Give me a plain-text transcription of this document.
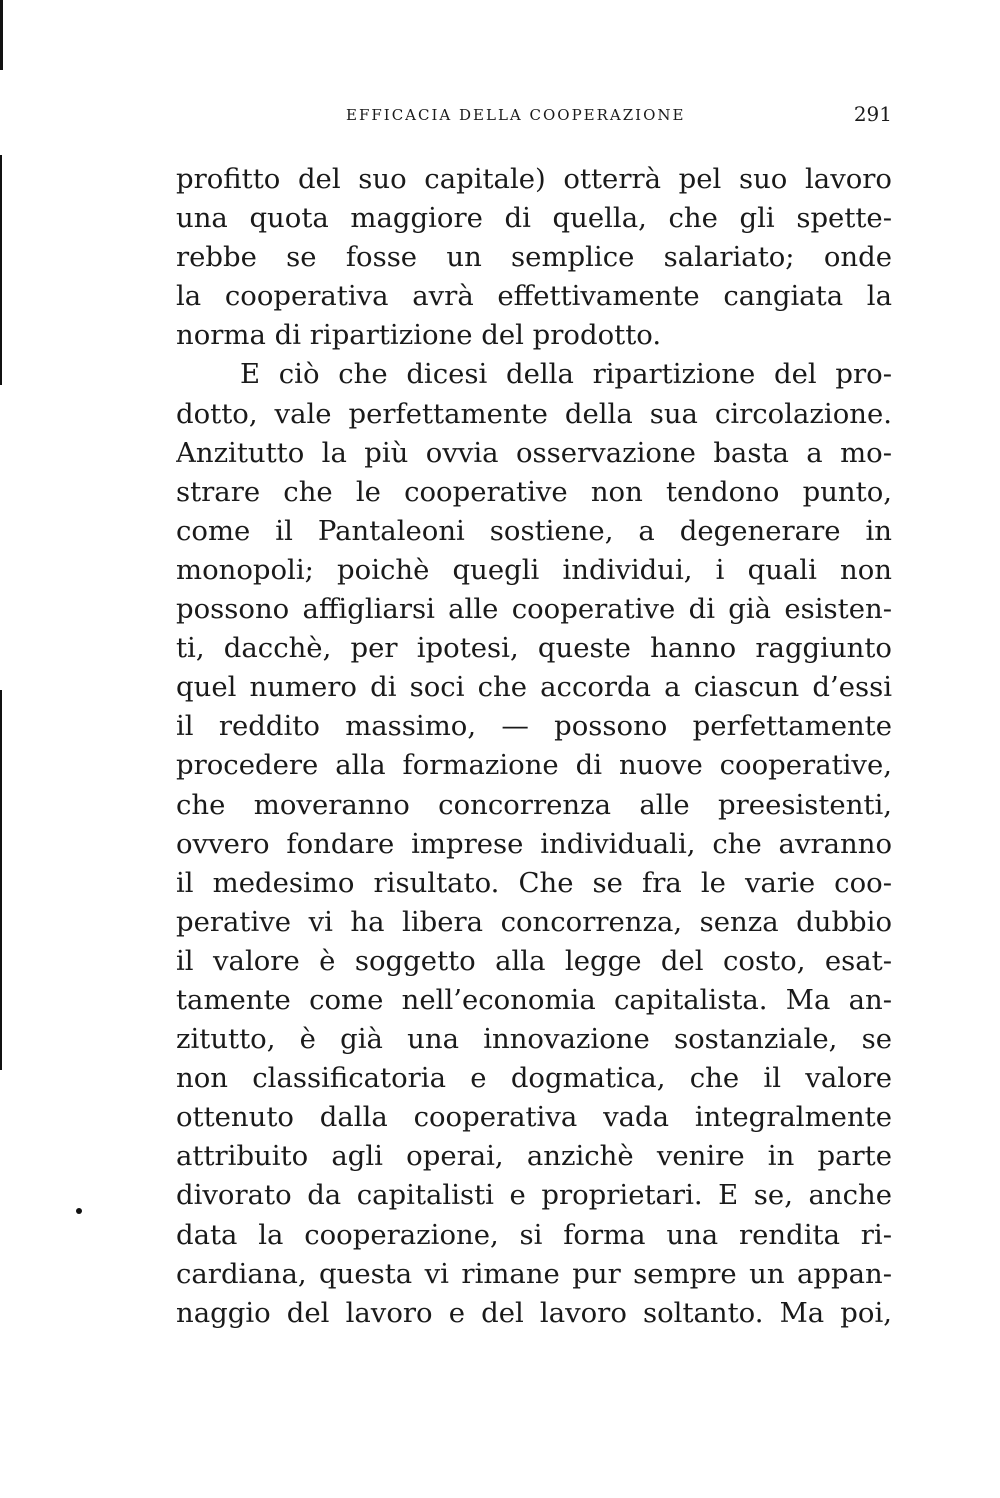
EFFICACIA DELLA COOPERAZIONE	291
profitto del suo capitale) otterrà pel suo lavoro
una quota maggiore di quella, che gli spette-
rebbe se fosse un semplice salariato; onde
la cooperativa avrà effettivamente cangiata la
norma di ripartizione del prodotto.
E ciò che dicesi della ripartizione del pro-
dotto, vale perfettamente della sua circolazione.
Anzitutto la più ovvia osservazione basta a mo-
strare che le cooperative non tendono punto,
come il Pantaleoni sostiene, a degenerare in
monopoli; poichè quegli individui, i quali non
possono affigliarsi alle cooperative di già esisten-
ti, dacchè, per ipotesi, queste hanno raggiunto
quel numero di soci che accorda a ciascun d’essi
il reddito massimo, — possono perfettamente
procedere alla formazione di nuove cooperative,
che moveranno concorrenza alle preesistenti,
ovvero fondare imprese individuali, che avranno
il medesimo risultato. Che se fra le varie coo-
perative vi ha libera concorrenza, senza dubbio
il valore è soggetto alla legge del costo, esat-
tamente come nell’economia capitalista. Ma an-
zitutto, è già una innovazione sostanziale, se
non classificatoria e dogmatica, che il valore
ottenuto dalla cooperativa vada integralmente
attribuito agli operai, anzichè venire in parte
divorato da capitalisti e proprietari. E se, anche
data la cooperazione, si forma una rendita ri-
cardiana, questa vi rimane pur sempre un appan-
naggio del lavoro e del lavoro soltanto. Ma poi,
